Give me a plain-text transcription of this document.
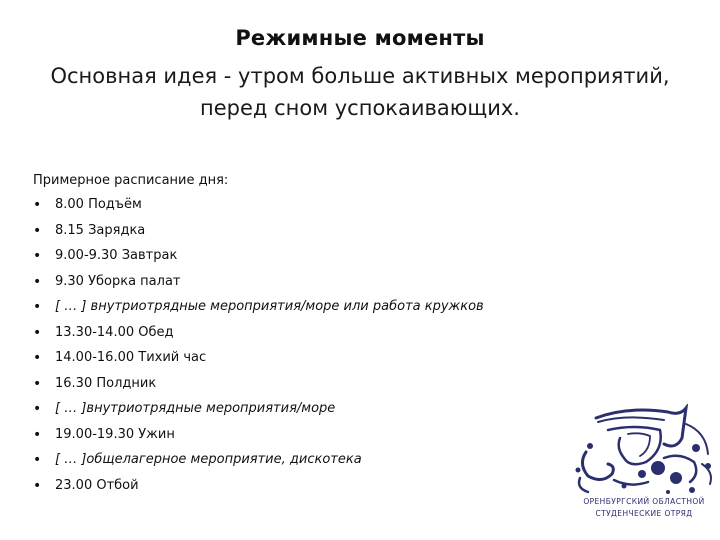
Режимные моменты
Основная идея - утром больше активных мероприятий, перед сном успокаивающих.
Примерное расписание дня:
• 8.00 Подъём
• 8.15 Зарядка
• 9.00-9.30 Завтрак
• 9.30 Уборка палат
• [ … ] внутриотрядные мероприятия/море или работа кружков
• 13.30-14.00 Обед
• 14.00-16.00 Тихий час
• 16.30 Полдник
• [ … ]внутриотрядные мероприятия/море
• 19.00-19.30 Ужин
• [ … ]общелагерное мероприятие, дискотека
• 23.00 Отбой
ОРЕНБУРГСКИЙ ОБЛАСТНОЙ
СТУДЕНЧЕСКИЕ ОТРЯД
